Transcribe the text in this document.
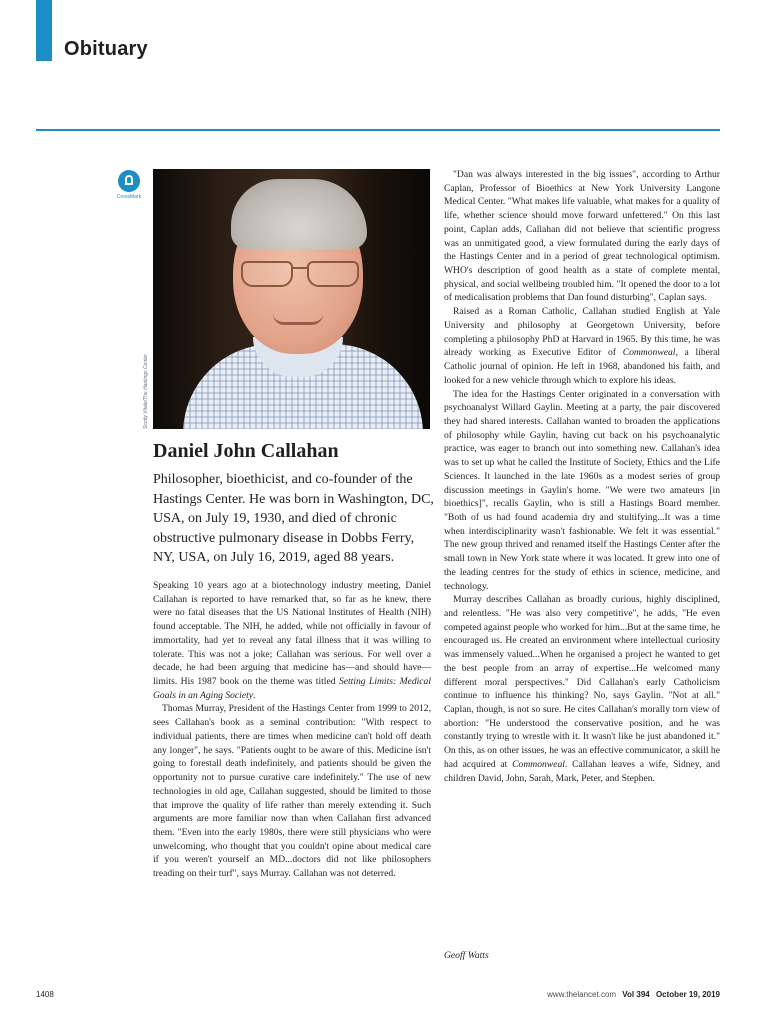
Obituary
CrossMark
Scotty Vitale/The Hastings Center
Daniel John Callahan

Philosopher, bioethicist, and co-founder of the Hastings Center. He was born in Washington, DC, USA, on July 19, 1930, and died of chronic obstructive pulmonary disease in Dobbs Ferry, NY, USA, on July 16, 2019, aged 88 years.

Speaking 10 years ago at a biotechnology industry meeting, Daniel Callahan is reported to have remarked that, so far as he knew, there were no fatal diseases that the US National Institutes of Health (NIH) found acceptable. The NIH, he added, while not officially in favour of immortality, had yet to reveal any fatal illness that it was willing to tolerate. This was not a joke; Callahan was serious. For well over a decade, he had been arguing that medicine has—and should have—limits. His 1987 book on the theme was titled Setting Limits: Medical Goals in an Aging Society.

Thomas Murray, President of the Hastings Center from 1999 to 2012, sees Callahan's book as a seminal contribution: "With respect to individual patients, there are times when medicine can't hold off death any longer", he says. "Patients ought to be aware of this. Medicine isn't going to forestall death indefinitely, and patients should be given the opportunity not to pursue curative care indefinitely." The use of new technologies in old age, Callahan suggested, should be limited to those that improve the quality of life rather than merely extending it. Such arguments are more familiar now than when Callahan first advanced them. "Even into the early 1980s, there were still physicians who were unwelcoming, who thought that you couldn't opine about medical care if you weren't yourself an MD...doctors did not like philosophers treading on their turf", says Murray. Callahan was not deterred.

"Dan was always interested in the big issues", according to Arthur Caplan, Professor of Bioethics at New York University Langone Medical Center. "What makes life valuable, what makes for a quality of life, whether science should move forward unfettered." On this last point, Caplan adds, Callahan did not believe that scientific progress was an unmitigated good, a view formulated during the early days of the Hastings Center and in a period of great technological optimism. WHO's description of good health as a state of complete mental, physical, and social wellbeing troubled him. "It opened the door to a lot of medicalisation problems that Dan found disturbing", Caplan says.

Raised as a Roman Catholic, Callahan studied English at Yale University and philosophy at Georgetown University, before completing a philosophy PhD at Harvard in 1965. By this time, he was already working as Executive Editor of Commonweal, a liberal Catholic journal of opinion. He left in 1968, abandoned his faith, and looked for a new vehicle through which to explore his ideas.

The idea for the Hastings Center originated in a conversation with psychoanalyst Willard Gaylin. Meeting at a party, the pair discovered they had shared interests. Callahan wanted to broaden the applications of philosophy while Gaylin, having cut back on his psychoanalytic practice, was eager to branch out into something new. Callahan's idea was to set up what he called the Institute of Society, Ethics and the Life Sciences. It launched in the late 1960s as a modest series of group discussion meetings in Gaylin's home. "We were two amateurs [in bioethics]", recalls Gaylin, who is still a Hastings Board member. "Both of us had found academia dry and stultifying...It was a time when interdisciplinarity wasn't fashionable. We felt it was essential." The new group thrived and renamed itself the Hastings Center after the small town in New York state where it was located. It grew into one of the leading centres for the study of ethics in science, medicine, and technology.

Murray describes Callahan as broadly curious, highly disciplined, and relentless. "He was also very competitive", he adds, "He even competed against people who worked for him...But at the same time, he encouraged us. He created an environment where intellectual curiosity was immensely valued...When he organised a project he wanted to get the best people from an array of expertise...He welcomed many different moral perspectives." Did Callahan's early Catholicism continue to influence his thinking? No, says Gaylin. "Not at all." Caplan, though, is not so sure. He cites Callahan's morally torn view of abortion: "He understood the conservative position, and he was constantly trying to wrestle with it. It wasn't like he just abandoned it." On this, as on other issues, he was an effective communicator, a skill he had acquired at Commonweal. Callahan leaves a wife, Sidney, and children David, John, Sarah, Mark, Peter, and Stephen.

Geoff Watts

1408	www.thelancet.com Vol 394 October 19, 2019
